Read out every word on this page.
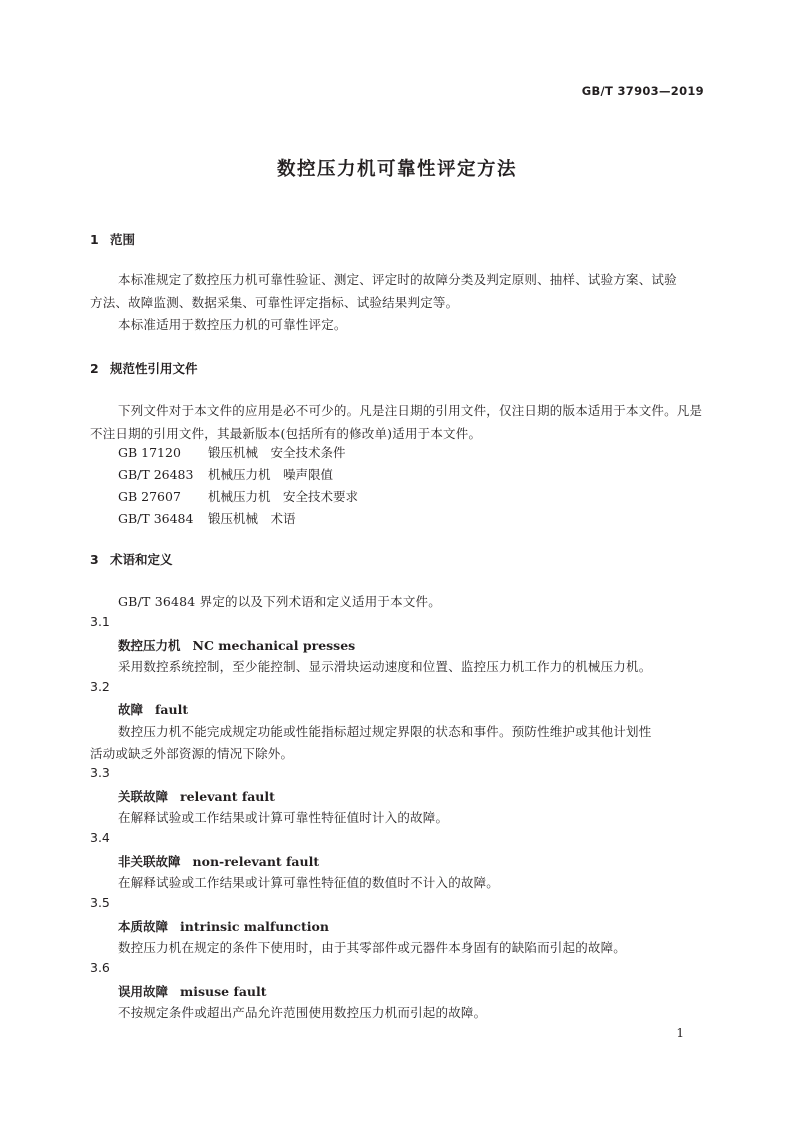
GB/T 37903—2019
数控压力机可靠性评定方法
1 范围
本标准规定了数控压力机可靠性验证、测定、评定时的故障分类及判定原则、抽样、试验方案、试验
方法、故障监测、数据采集、可靠性评定指标、试验结果判定等。
本标准适用于数控压力机的可靠性评定。
2 规范性引用文件
下列文件对于本文件的应用是必不可少的。凡是注日期的引用文件，仅注日期的版本适用于本文件。凡是不注日期的引用文件，其最新版本(包括所有的修改单)适用于本文件。
GB 17120 锻压机械　安全技术条件
GB/T 26483 机械压力机　噪声限值
GB 27607 机械压力机　安全技术要求
GB/T 36484 锻压机械　术语
3 术语和定义
GB/T 36484 界定的以及下列术语和定义适用于本文件。
3.1
数控压力机 NC mechanical presses
采用数控系统控制，至少能控制、显示滑块运动速度和位置、监控压力机工作力的机械压力机。
3.2
故障 fault
数控压力机不能完成规定功能或性能指标超过规定界限的状态和事件。预防性维护或其他计划性
活动或缺乏外部资源的情况下除外。
3.3
关联故障 relevant fault
在解释试验或工作结果或计算可靠性特征值时计入的故障。
3.4
非关联故障 non-relevant fault
在解释试验或工作结果或计算可靠性特征值的数值时不计入的故障。
3.5
本质故障 intrinsic malfunction
数控压力机在规定的条件下使用时，由于其零部件或元器件本身固有的缺陷而引起的故障。
3.6
误用故障 misuse fault
不按规定条件或超出产品允许范围使用数控压力机而引起的故障。
1
